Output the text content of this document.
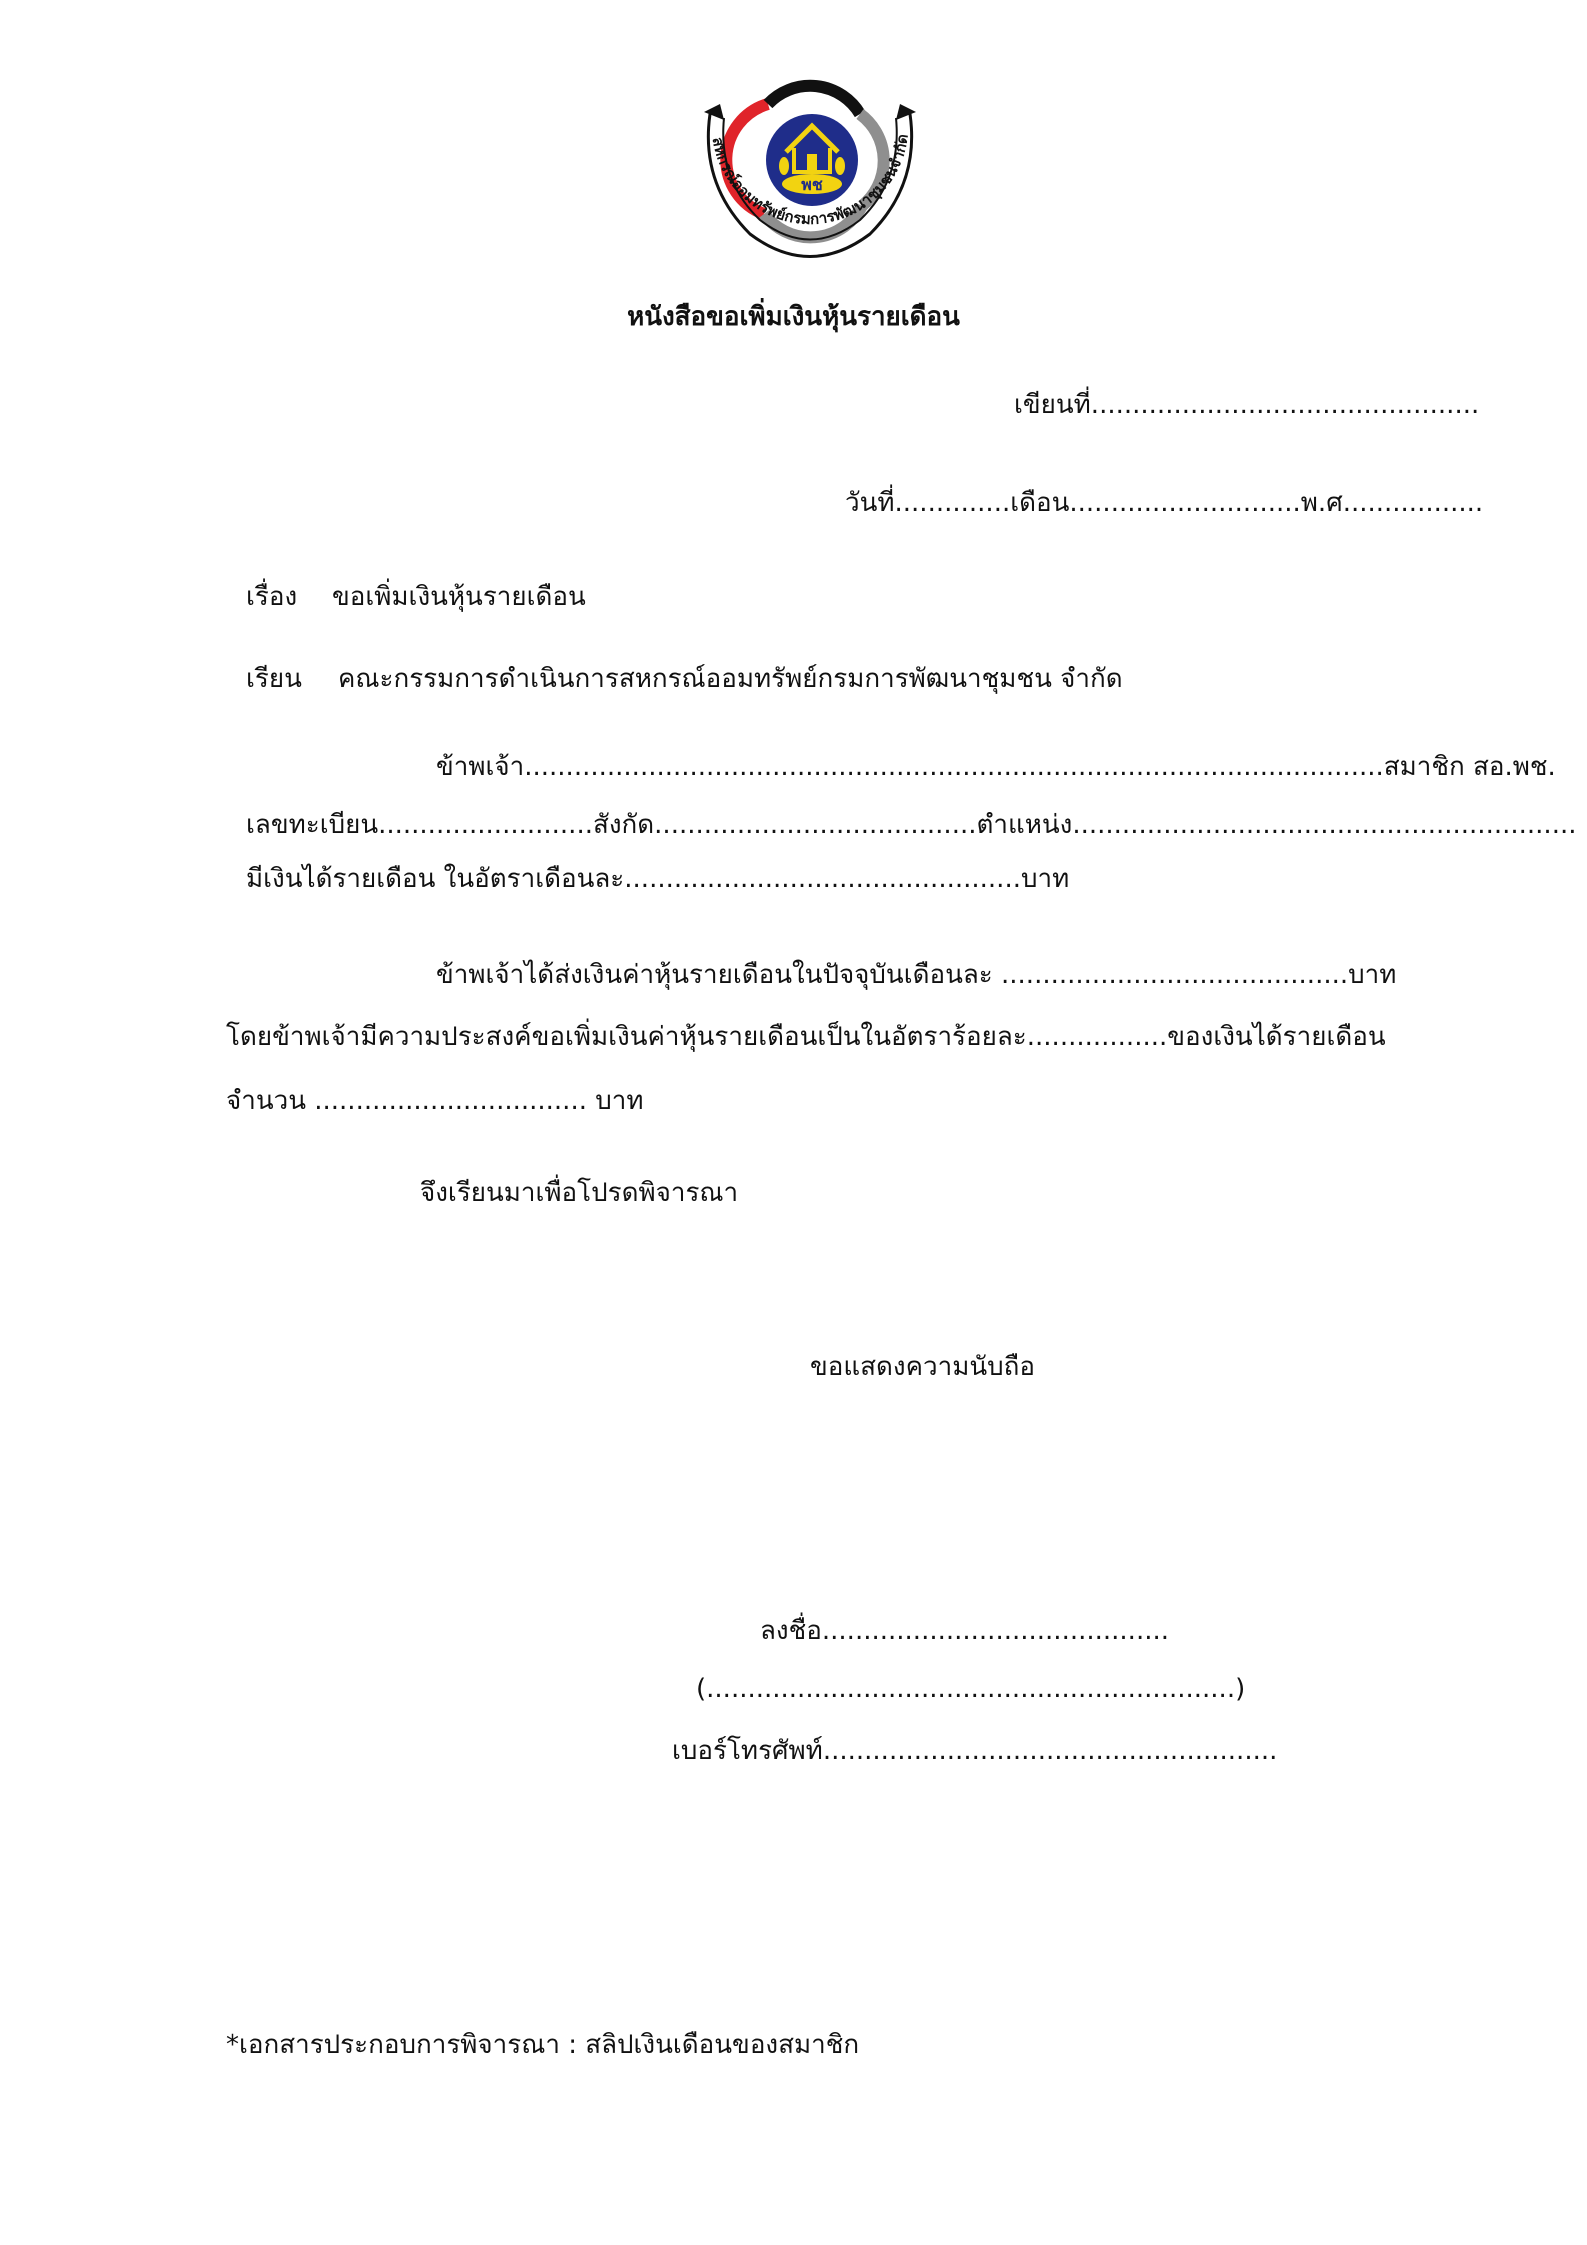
พช
สหกรณ์ออมทรัพย์กรมการพัฒนาชุมชนจำกัด
หนังสือขอเพิ่มเงินหุ้นรายเดือน
เขียนที่...............................................
วันที่..............เดือน............................พ.ศ.................
เรื่อง ขอเพิ่มเงินหุ้นรายเดือน
เรียน คณะกรรมการดำเนินการสหกรณ์ออมทรัพย์กรมการพัฒนาชุมชน จำกัด
ข้าพเจ้า........................................................................................................สมาชิก สอ.พช.
เลขทะเบียน..........................สังกัด.......................................ตำแหน่ง.............................................................
มีเงินได้รายเดือน ในอัตราเดือนละ................................................บาท
ข้าพเจ้าได้ส่งเงินค่าหุ้นรายเดือนในปัจจุบันเดือนละ ..........................................บาท
โดยข้าพเจ้ามีความประสงค์ขอเพิ่มเงินค่าหุ้นรายเดือนเป็นในอัตราร้อยละ.................ของเงินได้รายเดือน
จำนวน ................................. บาท
จึงเรียนมาเพื่อโปรดพิจารณา
ขอแสดงความนับถือ
ลงชื่อ..........................................
(................................................................)
เบอร์โทรศัพท์.......................................................
*เอกสารประกอบการพิจารณา : สลิปเงินเดือนของสมาชิก
